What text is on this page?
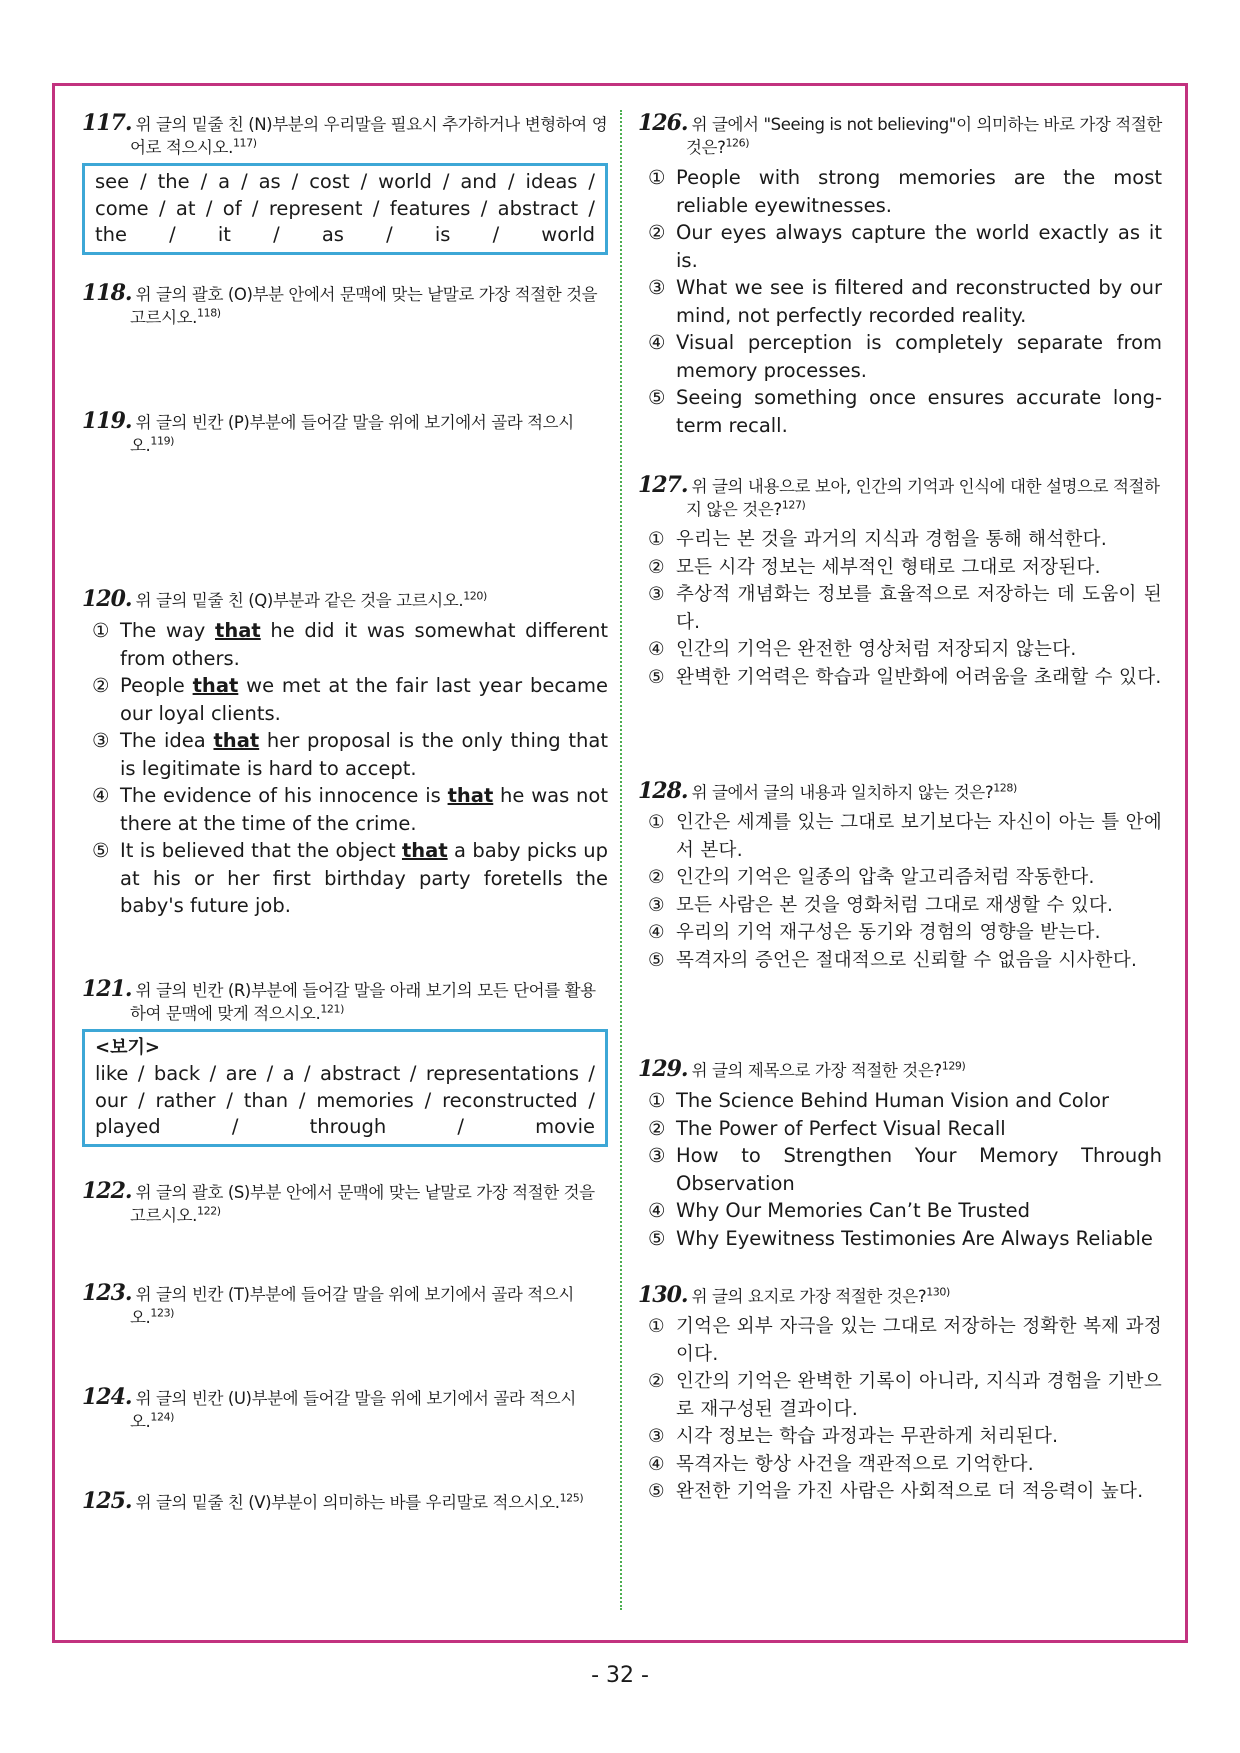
117. 위 글의 밑줄 친 (N)부분의 우리말을 필요시 추가하거나 변형하여 영어로 적으시오.$^{117)}$
see / the / a / as / cost / world / and / ideas /
come / at / of / represent / features / abstract /
the / it / as / is / world
118. 위 글의 괄호 (O)부분 안에서 문맥에 맞는 낱말로 가장 적절한 것을 고르시오.$^{118)}$
119. 위 글의 빈칸 (P)부분에 들어갈 말을 위에 보기에서 골라 적으시오.$^{119)}$
120. 위 글의 밑줄 친 (Q)부분과 같은 것을 고르시오.$^{120)}$
① The way that he did it was somewhat different from others.
② People that we met at the fair last year became our loyal clients.
③ The idea that her proposal is the only thing that is legitimate is hard to accept.
④ The evidence of his innocence is that he was not there at the time of the crime.
⑤ It is believed that the object that a baby picks up at his or her first birthday party foretells the baby's future job.
121. 위 글의 빈칸 (R)부분에 들어갈 말을 아래 보기의 모든 단어를 활용하여 문맥에 맞게 적으시오.$^{121)}$
<보기>
like / back / are / a / abstract / representations /
our / rather / than / memories / reconstructed /
played / through / movie
122. 위 글의 괄호 (S)부분 안에서 문맥에 맞는 낱말로 가장 적절한 것을 고르시오.$^{122)}$
123. 위 글의 빈칸 (T)부분에 들어갈 말을 위에 보기에서 골라 적으시오.$^{123)}$
124. 위 글의 빈칸 (U)부분에 들어갈 말을 위에 보기에서 골라 적으시오.$^{124)}$
125. 위 글의 밑줄 친 (V)부분이 의미하는 바를 우리말로 적으시오.$^{125)}$
126. 위 글에서 "Seeing is not believing"이 의미하는 바로 가장 적절한 것은?$^{126)}$
① People with strong memories are the most reliable eyewitnesses.
② Our eyes always capture the world exactly as it is.
③ What we see is filtered and reconstructed by our mind, not perfectly recorded reality.
④ Visual perception is completely separate from memory processes.
⑤ Seeing something once ensures accurate long-term recall.
127. 위 글의 내용으로 보아, 인간의 기억과 인식에 대한 설명으로 적절하지 않은 것은?$^{127)}$
① 우리는 본 것을 과거의 지식과 경험을 통해 해석한다.
② 모든 시각 정보는 세부적인 형태로 그대로 저장된다.
③ 추상적 개념화는 정보를 효율적으로 저장하는 데 도움이 된다.
④ 인간의 기억은 완전한 영상처럼 저장되지 않는다.
⑤ 완벽한 기억력은 학습과 일반화에 어려움을 초래할 수 있다.
128. 위 글에서 글의 내용과 일치하지 않는 것은?$^{128)}$
① 인간은 세계를 있는 그대로 보기보다는 자신이 아는 틀 안에서 본다.
② 인간의 기억은 일종의 압축 알고리즘처럼 작동한다.
③ 모든 사람은 본 것을 영화처럼 그대로 재생할 수 있다.
④ 우리의 기억 재구성은 동기와 경험의 영향을 받는다.
⑤ 목격자의 증언은 절대적으로 신뢰할 수 없음을 시사한다.
129. 위 글의 제목으로 가장 적절한 것은?$^{129)}$
① The Science Behind Human Vision and Color
② The Power of Perfect Visual Recall
③ How to Strengthen Your Memory Through Observation
④ Why Our Memories Can’t Be Trusted
⑤ Why Eyewitness Testimonies Are Always Reliable
130. 위 글의 요지로 가장 적절한 것은?$^{130)}$
① 기억은 외부 자극을 있는 그대로 저장하는 정확한 복제 과정이다.
② 인간의 기억은 완벽한 기록이 아니라, 지식과 경험을 기반으로 재구성된 결과이다.
③ 시각 정보는 학습 과정과는 무관하게 처리된다.
④ 목격자는 항상 사건을 객관적으로 기억한다.
⑤ 완전한 기억을 가진 사람은 사회적으로 더 적응력이 높다.
- 32 -
